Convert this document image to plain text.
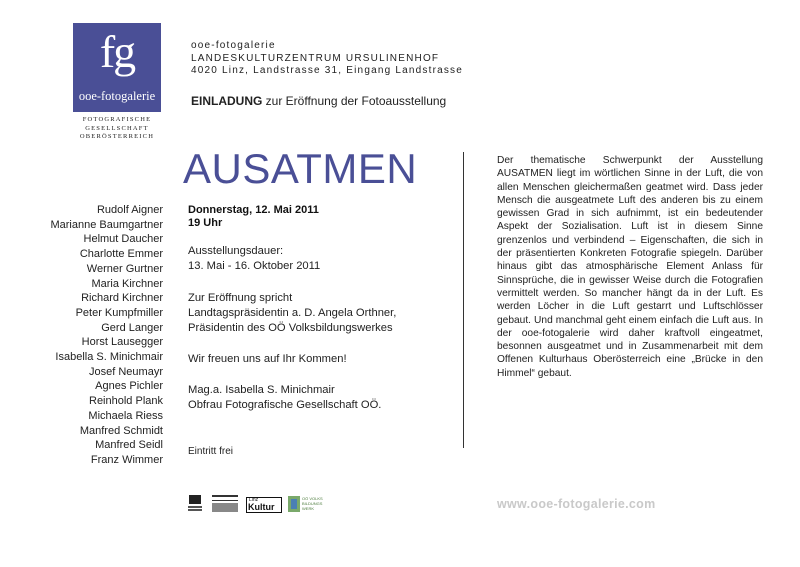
fg
ooe-fotogalerie
FOTOGRAFISCHE
GESELLSCHAFT
OBERÖSTERREICH
ooe-fotogalerie
LANDESKULTURZENTRUM URSULINENHOF
4020 Linz, Landstrasse 31, Eingang Landstrasse
EINLADUNG zur Eröffnung der Fotoausstellung
AUSATMEN
Rudolf Aigner
Marianne Baumgartner
Helmut Daucher
Charlotte Emmer
Werner Gurtner
Maria Kirchner
Richard Kirchner
Peter Kumpfmiller
Gerd Langer
Horst Lausegger
Isabella S. Minichmair
Josef Neumayr
Agnes Pichler
Reinhold Plank
Michaela Riess
Manfred Schmidt
Manfred Seidl
Franz Wimmer
Donnerstag, 12. Mai 2011
19 Uhr
Ausstellungsdauer:
13. Mai - 16. Oktober 2011
Zur Eröffnung spricht
Landtagspräsidentin a. D. Angela Orthner,
Präsidentin des OÖ Volksbildungswerkes
Wir freuen uns auf Ihr Kommen!
Mag.a. Isabella S. Minichmair
Obfrau Fotografische Gesellschaft OÖ.
Eintritt frei
Linz
Kultur
OÖ VOLKS
BILDUNGS
WERK
Der thematische Schwerpunkt der Ausstellung AUSATMEN liegt im wörtlichen Sinne in der Luft, die von allen Menschen gleichermaßen geatmet wird. Dass jeder Mensch die ausgeatmete Luft des anderen bis zu einem gewissen Grad in sich aufnimmt, ist ein bedeutender Aspekt der Sozialisation. Luft ist in diesem Sinne grenzenlos und verbindend – Eigenschaften, die sich in der präsentierten Konkreten Fotografie spiegeln. Darüber hinaus gibt das atmosphärische Element Anlass für Sinnsprüche, die in gewisser Weise durch die Fotografien vermittelt werden. So mancher hängt da in der Luft. Es werden Löcher in die Luft gestarrt und Luftschlösser gebaut. Und manchmal geht einem einfach die Luft aus. In der ooe-fotogalerie wird daher kraftvoll eingeatmet, besonnen ausgeatmet und in Zusammenarbeit mit dem Offenen Kulturhaus Oberösterreich eine „Brücke in den Himmel“ gebaut.
www.ooe-fotogalerie.com
